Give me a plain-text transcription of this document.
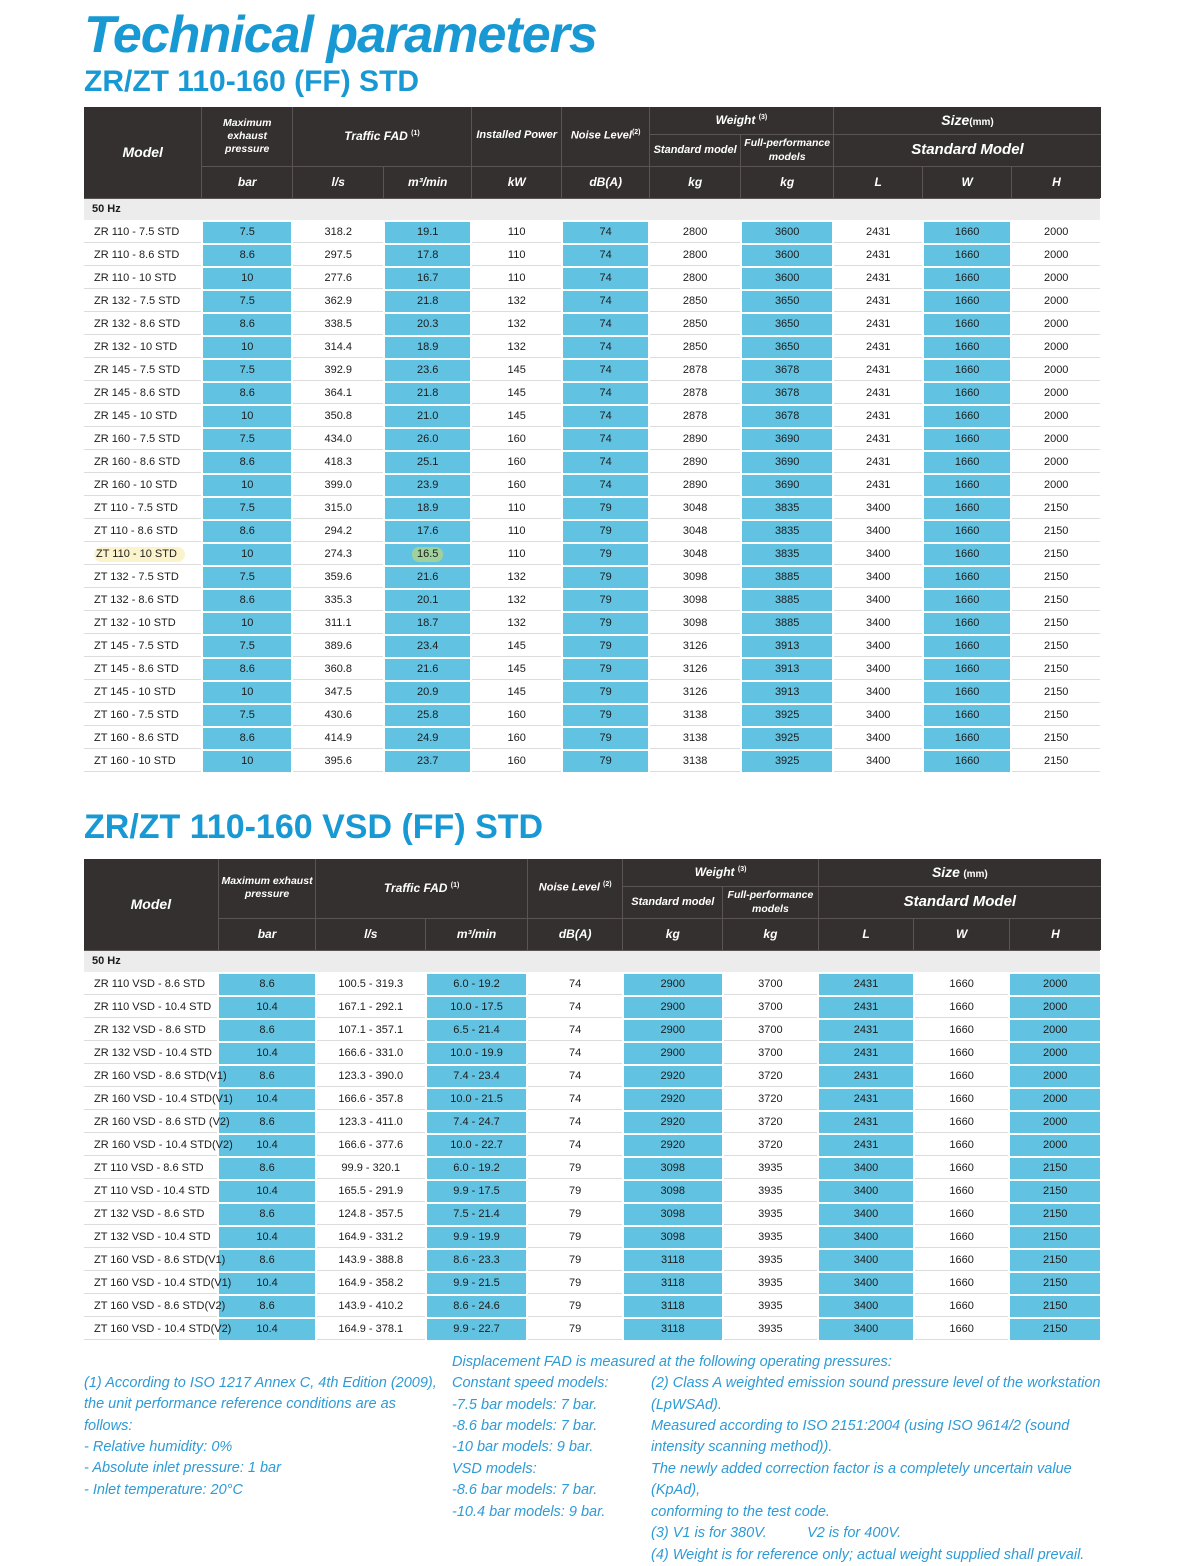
Technical parameters
ZR/ZT 110-160 (FF) STD
Model	Maximum exhaust pressure	Traffic FAD $^{(1)}$		Installed Power	Noise Level$^{(2)}$	Weight $^{(3)}$		Size(mm)		
						Standard model	Full-performance models	Standard Model		
	bar	l/s	m³/min	kW	dB(A)	kg	kg	L	W	H
50 Hz										
ZR 110 - 7.5 STD	7.5	318.2	19.1	110	74	2800	3600	2431	1660	2000
ZR 110 - 8.6 STD	8.6	297.5	17.8	110	74	2800	3600	2431	1660	2000
ZR 110 - 10 STD	10	277.6	16.7	110	74	2800	3600	2431	1660	2000
ZR 132 - 7.5 STD	7.5	362.9	21.8	132	74	2850	3650	2431	1660	2000
ZR 132 - 8.6 STD	8.6	338.5	20.3	132	74	2850	3650	2431	1660	2000
ZR 132 - 10 STD	10	314.4	18.9	132	74	2850	3650	2431	1660	2000
ZR 145 - 7.5 STD	7.5	392.9	23.6	145	74	2878	3678	2431	1660	2000
ZR 145 - 8.6 STD	8.6	364.1	21.8	145	74	2878	3678	2431	1660	2000
ZR 145 - 10 STD	10	350.8	21.0	145	74	2878	3678	2431	1660	2000
ZR 160 - 7.5 STD	7.5	434.0	26.0	160	74	2890	3690	2431	1660	2000
ZR 160 - 8.6 STD	8.6	418.3	25.1	160	74	2890	3690	2431	1660	2000
ZR 160 - 10 STD	10	399.0	23.9	160	74	2890	3690	2431	1660	2000
ZT 110 - 7.5 STD	7.5	315.0	18.9	110	79	3048	3835	3400	1660	2150
ZT 110 - 8.6 STD	8.6	294.2	17.6	110	79	3048	3835	3400	1660	2150
ZT 110 - 10 STD	10	274.3	16.5	110	79	3048	3835	3400	1660	2150
ZT 132 - 7.5 STD	7.5	359.6	21.6	132	79	3098	3885	3400	1660	2150
ZT 132 - 8.6 STD	8.6	335.3	20.1	132	79	3098	3885	3400	1660	2150
ZT 132 - 10 STD	10	311.1	18.7	132	79	3098	3885	3400	1660	2150
ZT 145 - 7.5 STD	7.5	389.6	23.4	145	79	3126	3913	3400	1660	2150
ZT 145 - 8.6 STD	8.6	360.8	21.6	145	79	3126	3913	3400	1660	2150
ZT 145 - 10 STD	10	347.5	20.9	145	79	3126	3913	3400	1660	2150
ZT 160 - 7.5 STD	7.5	430.6	25.8	160	79	3138	3925	3400	1660	2150
ZT 160 - 8.6 STD	8.6	414.9	24.9	160	79	3138	3925	3400	1660	2150
ZT 160 - 10 STD	10	395.6	23.7	160	79	3138	3925	3400	1660	2150
ZR/ZT 110-160 VSD (FF) STD
Model	Maximum exhaust pressure	Traffic FAD $^{(1)}$		Noise Level $^{(2)}$	Weight $^{(3)}$		Size (mm)		
					Standard model	Full-performance models	Standard Model		
	bar	l/s	m³/min	dB(A)	kg	kg	L	W	H
50 Hz									
ZR 110 VSD - 8.6 STD	8.6	100.5 - 319.3	6.0 - 19.2	74	2900	3700	2431	1660	2000
ZR 110 VSD - 10.4 STD	10.4	167.1 - 292.1	10.0 - 17.5	74	2900	3700	2431	1660	2000
ZR 132 VSD - 8.6 STD	8.6	107.1 - 357.1	6.5 - 21.4	74	2900	3700	2431	1660	2000
ZR 132 VSD - 10.4 STD	10.4	166.6 - 331.0	10.0 - 19.9	74	2900	3700	2431	1660	2000
ZR 160 VSD - 8.6 STD(V1)	8.6	123.3 - 390.0	7.4 - 23.4	74	2920	3720	2431	1660	2000
ZR 160 VSD - 10.4 STD(V1)	10.4	166.6 - 357.8	10.0 - 21.5	74	2920	3720	2431	1660	2000
ZR 160 VSD - 8.6 STD (V2)	8.6	123.3 - 411.0	7.4 - 24.7	74	2920	3720	2431	1660	2000
ZR 160 VSD - 10.4 STD(V2)	10.4	166.6 - 377.6	10.0 - 22.7	74	2920	3720	2431	1660	2000
ZT 110 VSD - 8.6 STD	8.6	99.9 - 320.1	6.0 - 19.2	79	3098	3935	3400	1660	2150
ZT 110 VSD - 10.4 STD	10.4	165.5 - 291.9	9.9 - 17.5	79	3098	3935	3400	1660	2150
ZT 132 VSD - 8.6 STD	8.6	124.8 - 357.5	7.5 - 21.4	79	3098	3935	3400	1660	2150
ZT 132 VSD - 10.4 STD	10.4	164.9 - 331.2	9.9 - 19.9	79	3098	3935	3400	1660	2150
ZT 160 VSD - 8.6 STD(V1)	8.6	143.9 - 388.8	8.6 - 23.3	79	3118	3935	3400	1660	2150
ZT 160 VSD - 10.4 STD(V1)	10.4	164.9 - 358.2	9.9 - 21.5	79	3118	3935	3400	1660	2150
ZT 160 VSD - 8.6 STD(V2)	8.6	143.9 - 410.2	8.6 - 24.6	79	3118	3935	3400	1660	2150
ZT 160 VSD - 10.4 STD(V2)	10.4	164.9 - 378.1	9.9 - 22.7	79	3118	3935	3400	1660	2150
(1) According to ISO 1217 Annex C, 4th Edition (2009),
the unit performance reference conditions are as follows:
- Relative humidity: 0%
- Absolute inlet pressure: 1 bar
- Inlet temperature: 20°C
Displacement FAD is measured at the following operating pressures:
Constant speed models:
-7.5 bar models: 7 bar.
-8.6 bar models: 7 bar.
-10 bar models: 9 bar.
VSD models:
-8.6 bar models: 7 bar.
-10.4 bar models: 9 bar.
(2) Class A weighted emission sound pressure level of the workstation (LpWSAd).
Measured according to ISO 2151:2004 (using ISO 9614/2 (sound
intensity scanning method)).
The newly added correction factor is a completely uncertain value (KpAd),
conforming to the test code.
(3) V1 is for 380V.          V2 is for 400V.
(4) Weight is for reference only; actual weight supplied shall prevail.
